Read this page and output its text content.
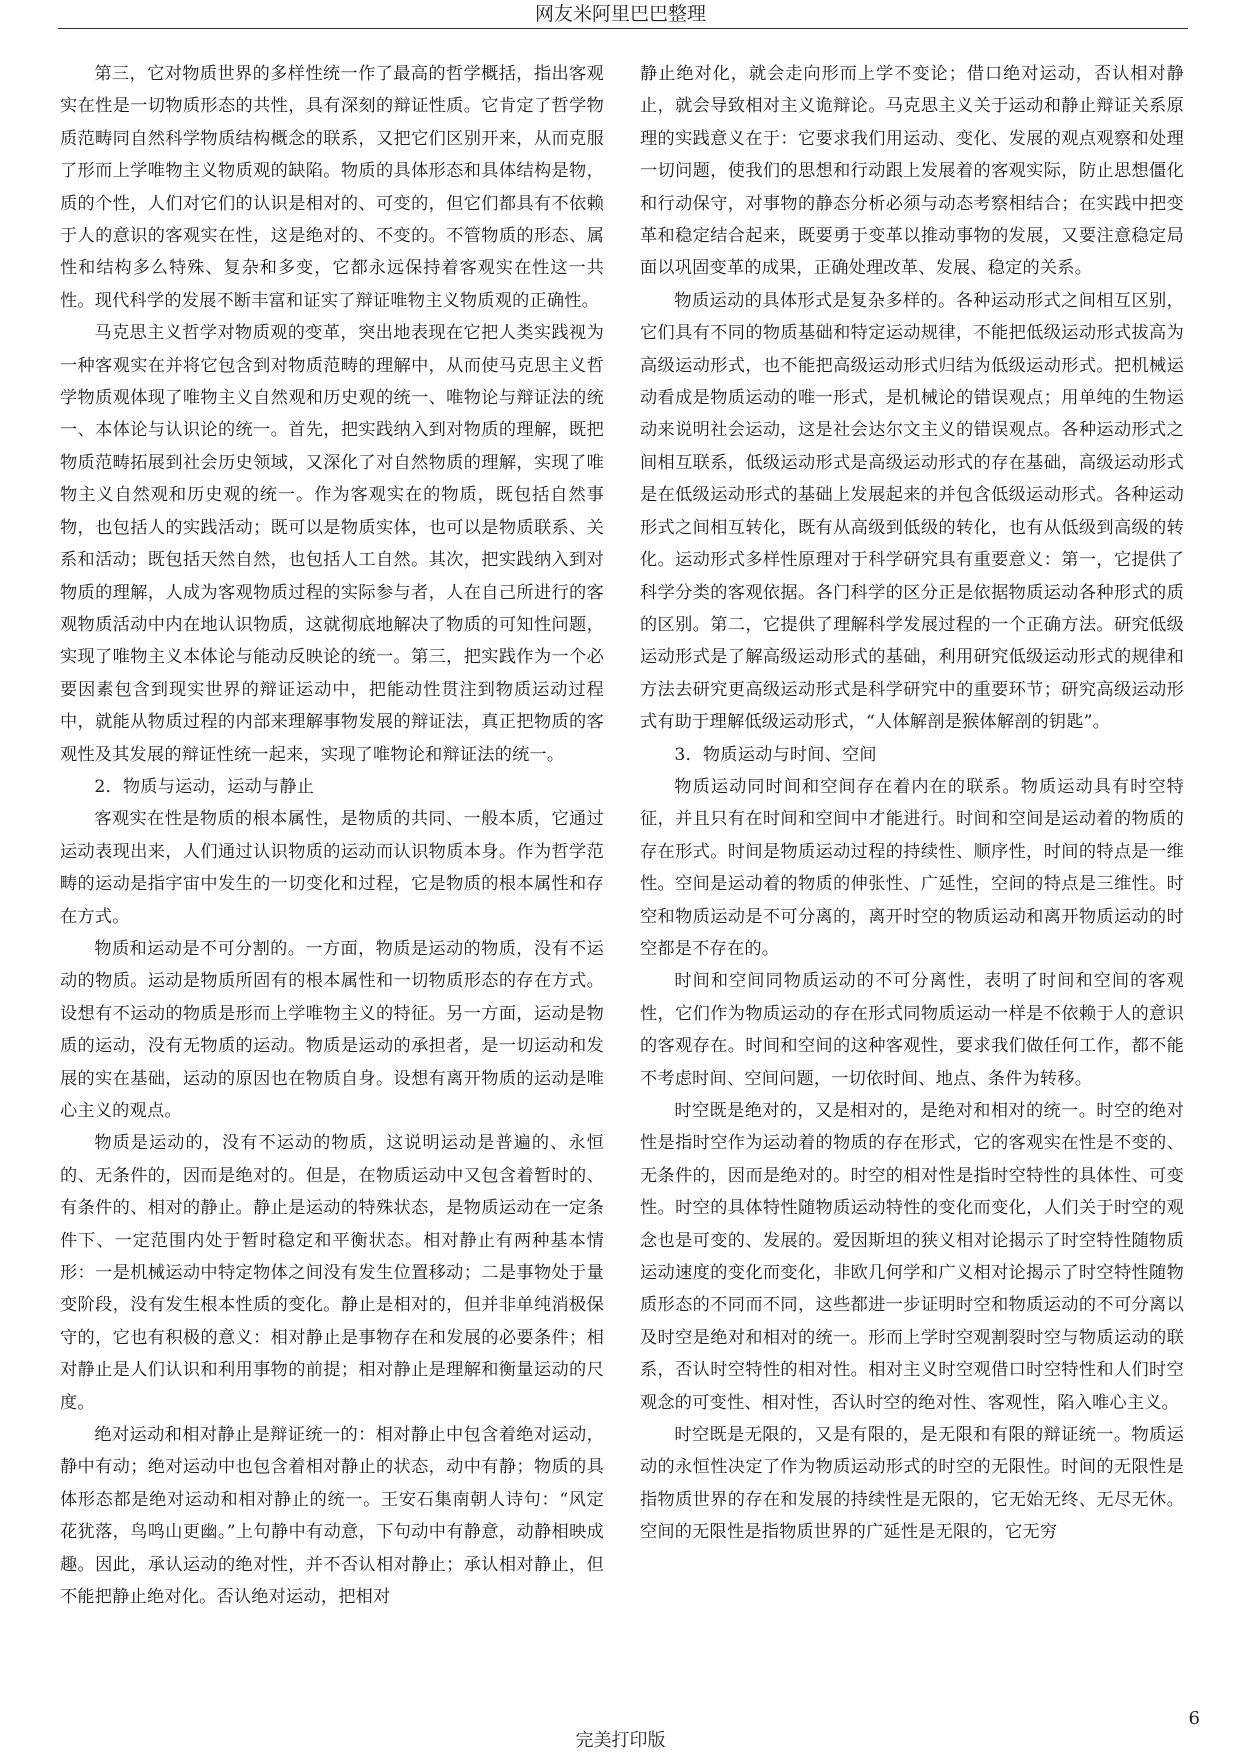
网友米阿里巴巴整理

第三，它对物质世界的多样性统一作了最高的哲学概括，指出客观实在性是一切物质形态的共性，具有深刻的辩证性质。它肯定了哲学物质范畴同自然科学物质结构概念的联系，又把它们区别开来，从而克服了形而上学唯物主义物质观的缺陷。物质的具体形态和具体结构是物，质的个性，人们对它们的认识是相对的、可变的，但它们都具有不依赖于人的意识的客观实在性，这是绝对的、不变的。不管物质的形态、属性和结构多么特殊、复杂和多变，它都永远保持着客观实在性这一共性。现代科学的发展不断丰富和证实了辩证唯物主义物质观的正确性。

马克思主义哲学对物质观的变革，突出地表现在它把人类实践视为一种客观实在并将它包含到对物质范畴的理解中，从而使马克思主义哲学物质观体现了唯物主义自然观和历史观的统一、唯物论与辩证法的统一、本体论与认识论的统一。首先，把实践纳入到对物质的理解，既把物质范畴拓展到社会历史领域，又深化了对自然物质的理解，实现了唯物主义自然观和历史观的统一。作为客观实在的物质，既包括自然事物，也包括人的实践活动；既可以是物质实体，也可以是物质联系、关系和活动；既包括天然自然，也包括人工自然。其次，把实践纳入到对物质的理解，人成为客观物质过程的实际参与者，人在自己所进行的客观物质活动中内在地认识物质，这就彻底地解决了物质的可知性问题，实现了唯物主义本体论与能动反映论的统一。第三，把实践作为一个必要因素包含到现实世界的辩证运动中，把能动性贯注到物质运动过程中，就能从物质过程的内部来理解事物发展的辩证法，真正把物质的客观性及其发展的辩证性统一起来，实现了唯物论和辩证法的统一。

2．物质与运动，运动与静止

客观实在性是物质的根本属性，是物质的共同、一般本质，它通过运动表现出来，人们通过认识物质的运动而认识物质本身。作为哲学范畴的运动是指宇宙中发生的一切变化和过程，它是物质的根本属性和存在方式。

物质和运动是不可分割的。一方面，物质是运动的物质，没有不运动的物质。运动是物质所固有的根本属性和一切物质形态的存在方式。设想有不运动的物质是形而上学唯物主义的特征。另一方面，运动是物质的运动，没有无物质的运动。物质是运动的承担者，是一切运动和发展的实在基础，运动的原因也在物质自身。设想有离开物质的运动是唯心主义的观点。

物质是运动的，没有不运动的物质，这说明运动是普遍的、永恒的、无条件的，因而是绝对的。但是，在物质运动中又包含着暂时的、有条件的、相对的静止。静止是运动的特殊状态，是物质运动在一定条件下、一定范围内处于暂时稳定和平衡状态。相对静止有两种基本情形：一是机械运动中特定物体之间没有发生位置移动；二是事物处于量变阶段，没有发生根本性质的变化。静止是相对的，但并非单纯消极保守的，它也有积极的意义：相对静止是事物存在和发展的必要条件；相对静止是人们认识和利用事物的前提；相对静止是理解和衡量运动的尺度。

绝对运动和相对静止是辩证统一的：相对静止中包含着绝对运动，静中有动；绝对运动中也包含着相对静止的状态，动中有静；物质的具体形态都是绝对运动和相对静止的统一。王安石集南朝人诗句：“风定花犹落，鸟鸣山更幽。”上句静中有动意，下句动中有静意，动静相映成趣。因此，承认运动的绝对性，并不否认相对静止；承认相对静止，但不能把静止绝对化。否认绝对运动，把相对

静止绝对化，就会走向形而上学不变论；借口绝对运动，否认相对静止，就会导致相对主义诡辩论。马克思主义关于运动和静止辩证关系原理的实践意义在于：它要求我们用运动、变化、发展的观点观察和处理一切问题，使我们的思想和行动跟上发展着的客观实际，防止思想僵化和行动保守，对事物的静态分析必须与动态考察相结合；在实践中把变革和稳定结合起来，既要勇于变革以推动事物的发展，又要注意稳定局面以巩固变革的成果，正确处理改革、发展、稳定的关系。

物质运动的具体形式是复杂多样的。各种运动形式之间相互区别，它们具有不同的物质基础和特定运动规律，不能把低级运动形式拔高为高级运动形式，也不能把高级运动形式归结为低级运动形式。把机械运动看成是物质运动的唯一形式，是机械论的错误观点；用单纯的生物运动来说明社会运动，这是社会达尔文主义的错误观点。各种运动形式之间相互联系，低级运动形式是高级运动形式的存在基础，高级运动形式是在低级运动形式的基础上发展起来的并包含低级运动形式。各种运动形式之间相互转化，既有从高级到低级的转化，也有从低级到高级的转化。运动形式多样性原理对于科学研究具有重要意义：第一，它提供了科学分类的客观依据。各门科学的区分正是依据物质运动各种形式的质的区别。第二，它提供了理解科学发展过程的一个正确方法。研究低级运动形式是了解高级运动形式的基础，利用研究低级运动形式的规律和方法去研究更高级运动形式是科学研究中的重要环节；研究高级运动形式有助于理解低级运动形式，“人体解剖是猴体解剖的钥匙”。

3．物质运动与时间、空间

物质运动同时间和空间存在着内在的联系。物质运动具有时空特征，并且只有在时间和空间中才能进行。时间和空间是运动着的物质的存在形式。时间是物质运动过程的持续性、顺序性，时间的特点是一维性。空间是运动着的物质的伸张性、广延性，空间的特点是三维性。时空和物质运动是不可分离的，离开时空的物质运动和离开物质运动的时空都是不存在的。

时间和空间同物质运动的不可分离性，表明了时间和空间的客观性，它们作为物质运动的存在形式同物质运动一样是不依赖于人的意识的客观存在。时间和空间的这种客观性，要求我们做任何工作，都不能不考虑时间、空间问题，一切依时间、地点、条件为转移。

时空既是绝对的，又是相对的，是绝对和相对的统一。时空的绝对性是指时空作为运动着的物质的存在形式，它的客观实在性是不变的、无条件的，因而是绝对的。时空的相对性是指时空特性的具体性、可变性。时空的具体特性随物质运动特性的变化而变化，人们关于时空的观念也是可变的、发展的。爱因斯坦的狭义相对论揭示了时空特性随物质运动速度的变化而变化，非欧几何学和广义相对论揭示了时空特性随物质形态的不同而不同，这些都进一步证明时空和物质运动的不可分离以及时空是绝对和相对的统一。形而上学时空观割裂时空与物质运动的联系，否认时空特性的相对性。相对主义时空观借口时空特性和人们时空观念的可变性、相对性，否认时空的绝对性、客观性，陷入唯心主义。

时空既是无限的，又是有限的，是无限和有限的辩证统一。物质运动的永恒性决定了作为物质运动形式的时空的无限性。时间的无限性是指物质世界的存在和发展的持续性是无限的，它无始无终、无尽无休。空间的无限性是指物质世界的广延性是无限的，它无穷

6
完美打印版
